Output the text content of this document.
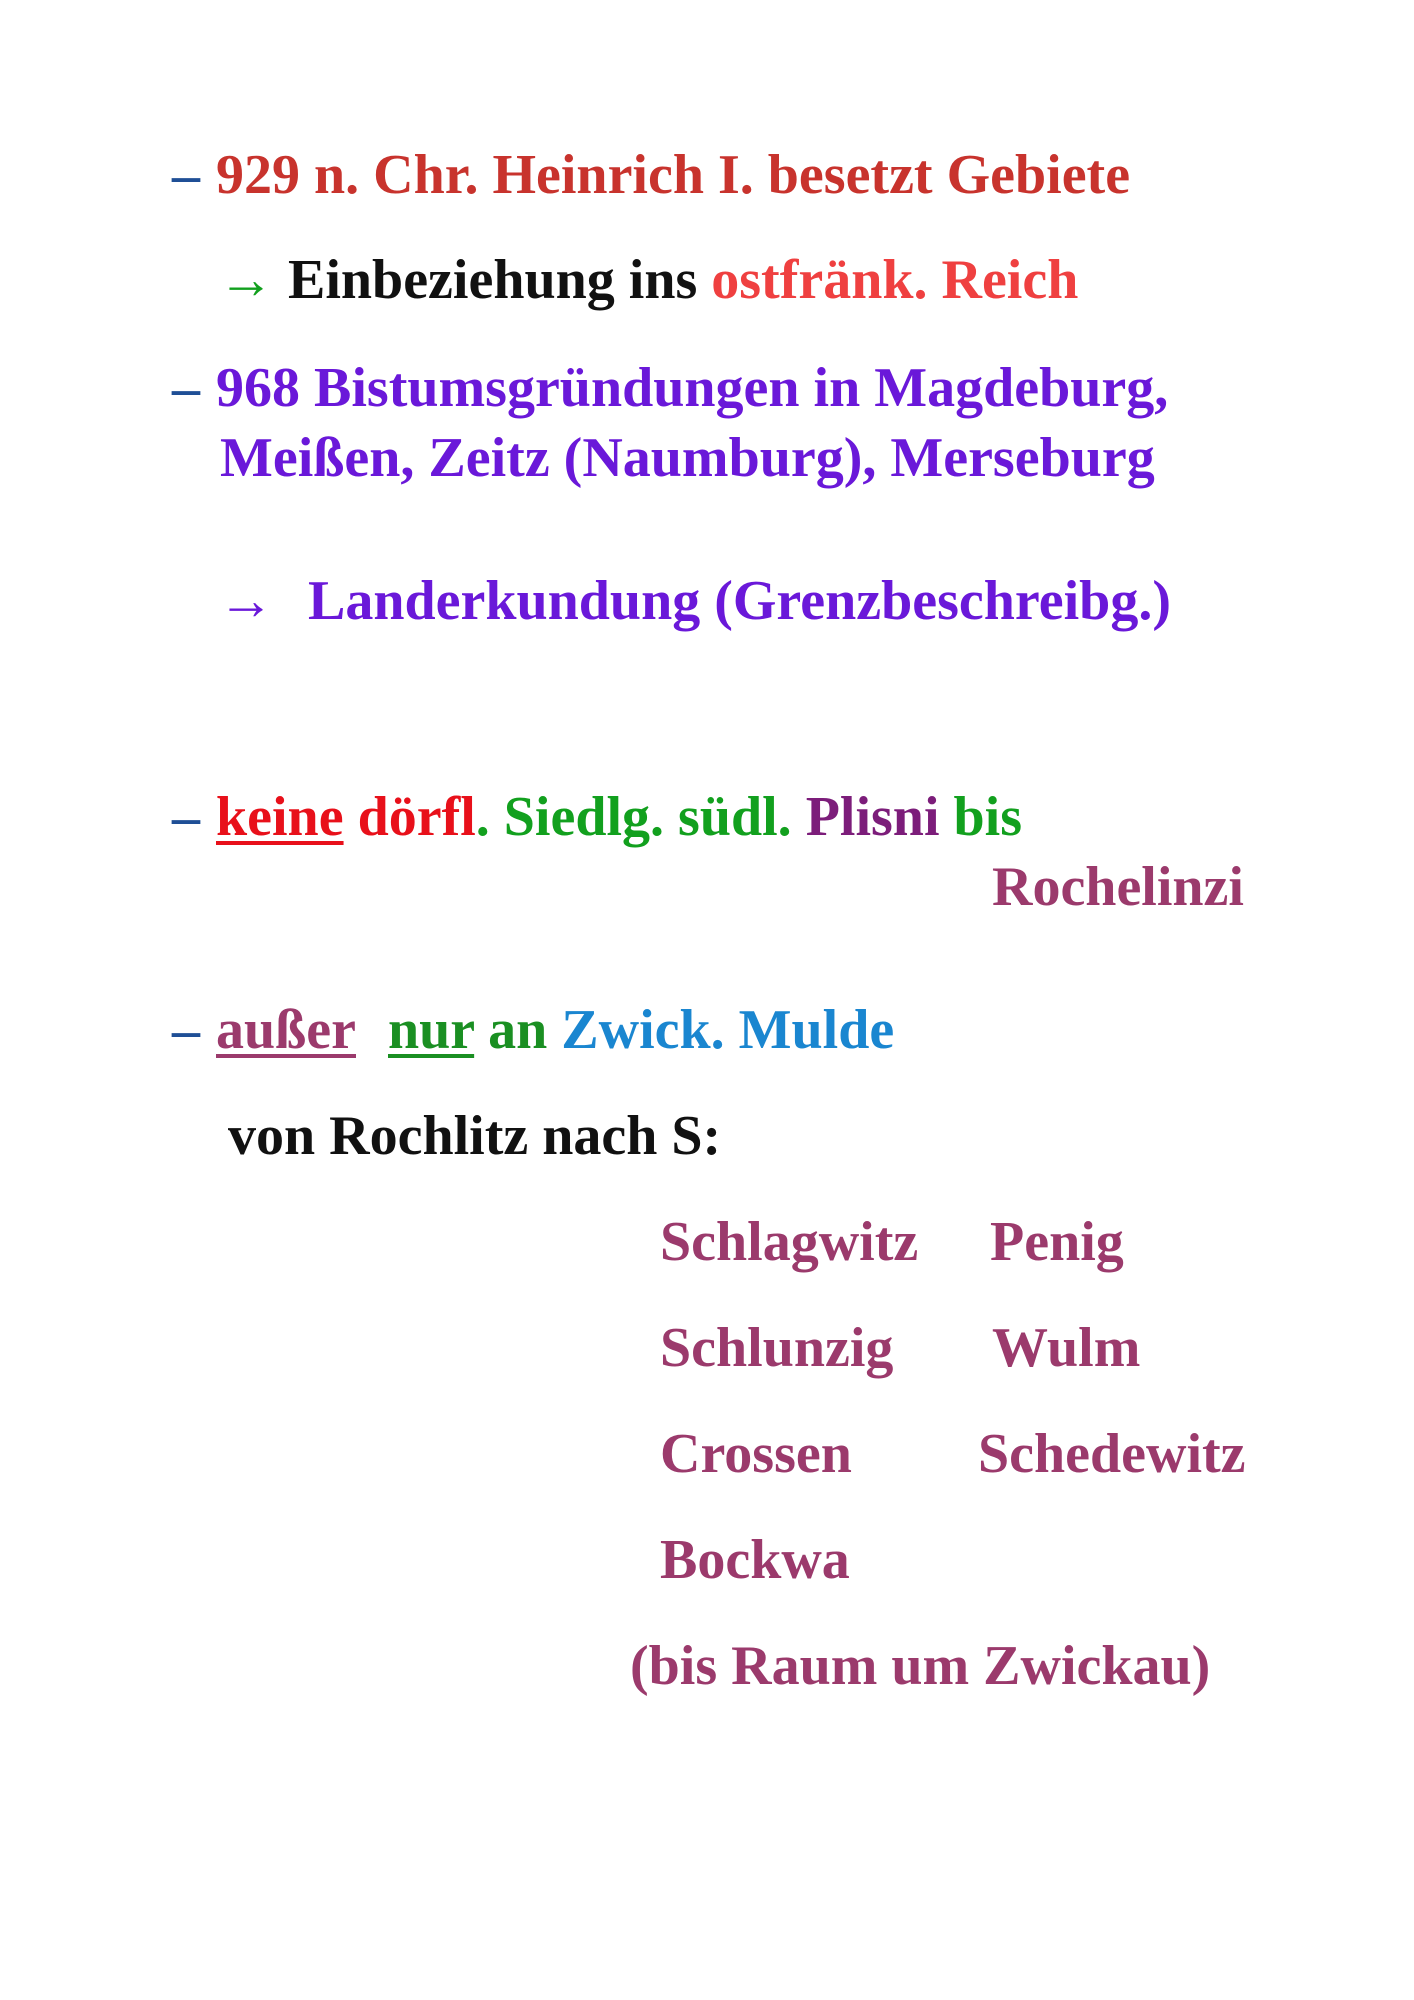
– 929 n. Chr. Heinrich I. besetzt Gebiete
→ Einbeziehung ins ostfränk. Reich
– 968 Bistumsgründungen in Magdeburg,
Meißen, Zeitz (Naumburg), Merseburg
→ Landerkundung (Grenzbeschreibg.)
– keine dörfl. Siedlg. südl. Plisni bis
Rochelinzi
– außer nur an Zwick. Mulde
von Rochlitz nach S:
Schlagwitz Penig
Schlunzig Wulm
Crossen Schedewitz
Bockwa
(bis Raum um Zwickau)
